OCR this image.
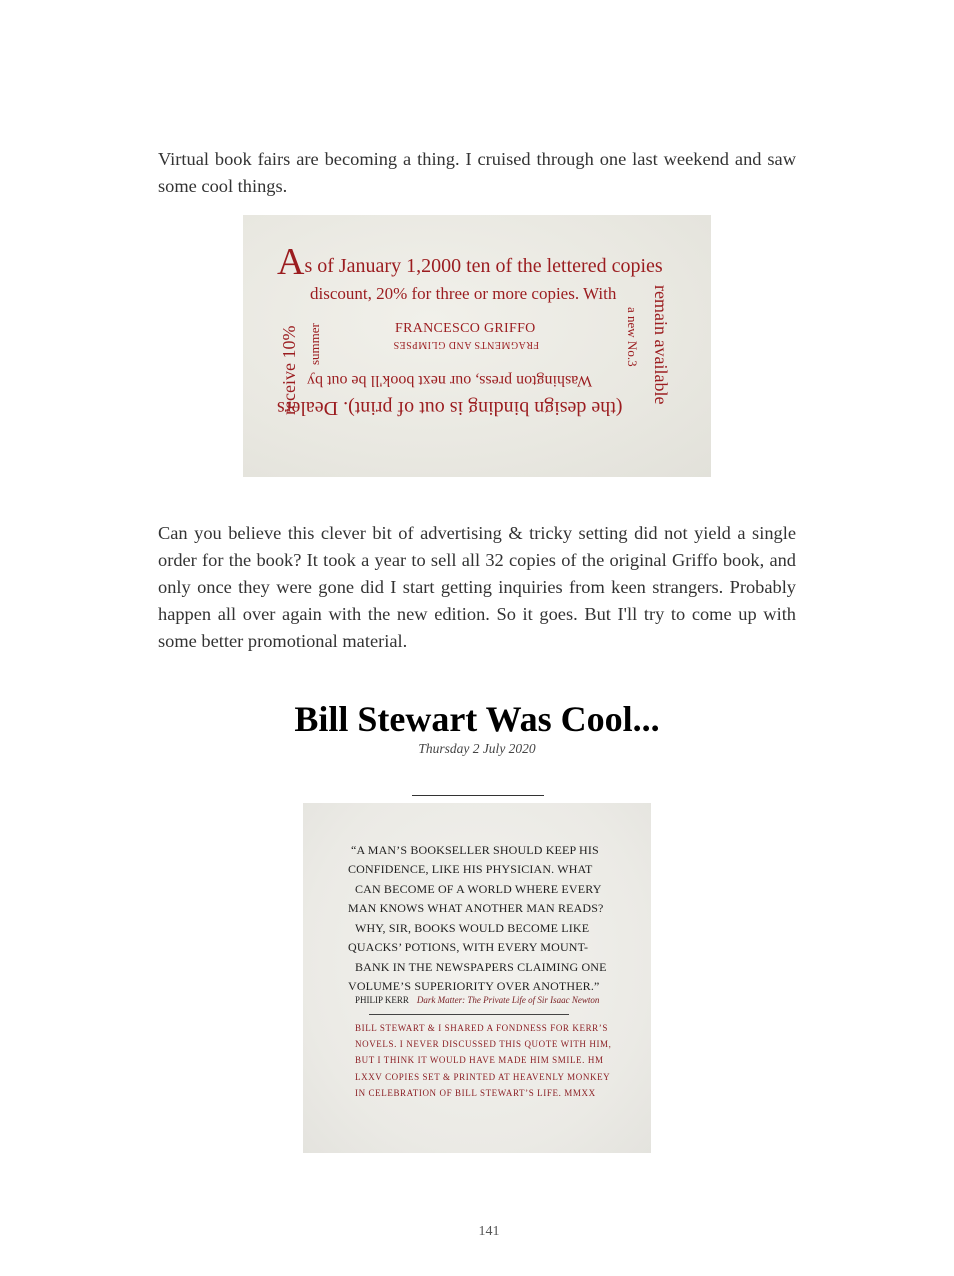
Virtual book fairs are becoming a thing. I cruised through one last weekend and saw some cool things.

As of January 1,2000 ten of the lettered copies
discount, 20% for three or more copies. With
FRANCESCO GRIFFO
FRAGMENTS AND GLIMPSES
Washington press, our next book'll be out by
(the design binding is out of print). Dealers
receive 10% summer	remain available
a new No.3

Can you believe this clever bit of advertising & tricky setting did not yield a single order for the book? It took a year to sell all 32 copies of the original Griffo book, and only once they were gone did I start getting inquiries from keen strangers. Probably happen all over again with the new edition. So it goes. But I'll try to come up with some better promotional material.

Bill Stewart Was Cool...
Thursday 2 July 2020
“A MAN’S BOOKSELLER SHOULD KEEP HIS
CONFIDENCE, LIKE HIS PHYSICIAN. WHAT
CAN BECOME OF A WORLD WHERE EVERY
MAN KNOWS WHAT ANOTHER MAN READS?
WHY, SIR, BOOKS WOULD BECOME LIKE
QUACKS’ POTIONS, WITH EVERY MOUNT-
BANK IN THE NEWSPAPERS CLAIMING ONE
VOLUME’S SUPERIORITY OVER ANOTHER.”
PHILIP KERR Dark Matter: The Private Life of Sir Isaac Newton
BILL STEWART & I SHARED A FONDNESS FOR KERR’S
NOVELS. I NEVER DISCUSSED THIS QUOTE WITH HIM,
BUT I THINK IT WOULD HAVE MADE HIM SMILE. HM
LXXV COPIES SET & PRINTED AT HEAVENLY MONKEY
IN CELEBRATION OF BILL STEWART’S LIFE. MMXX
141
